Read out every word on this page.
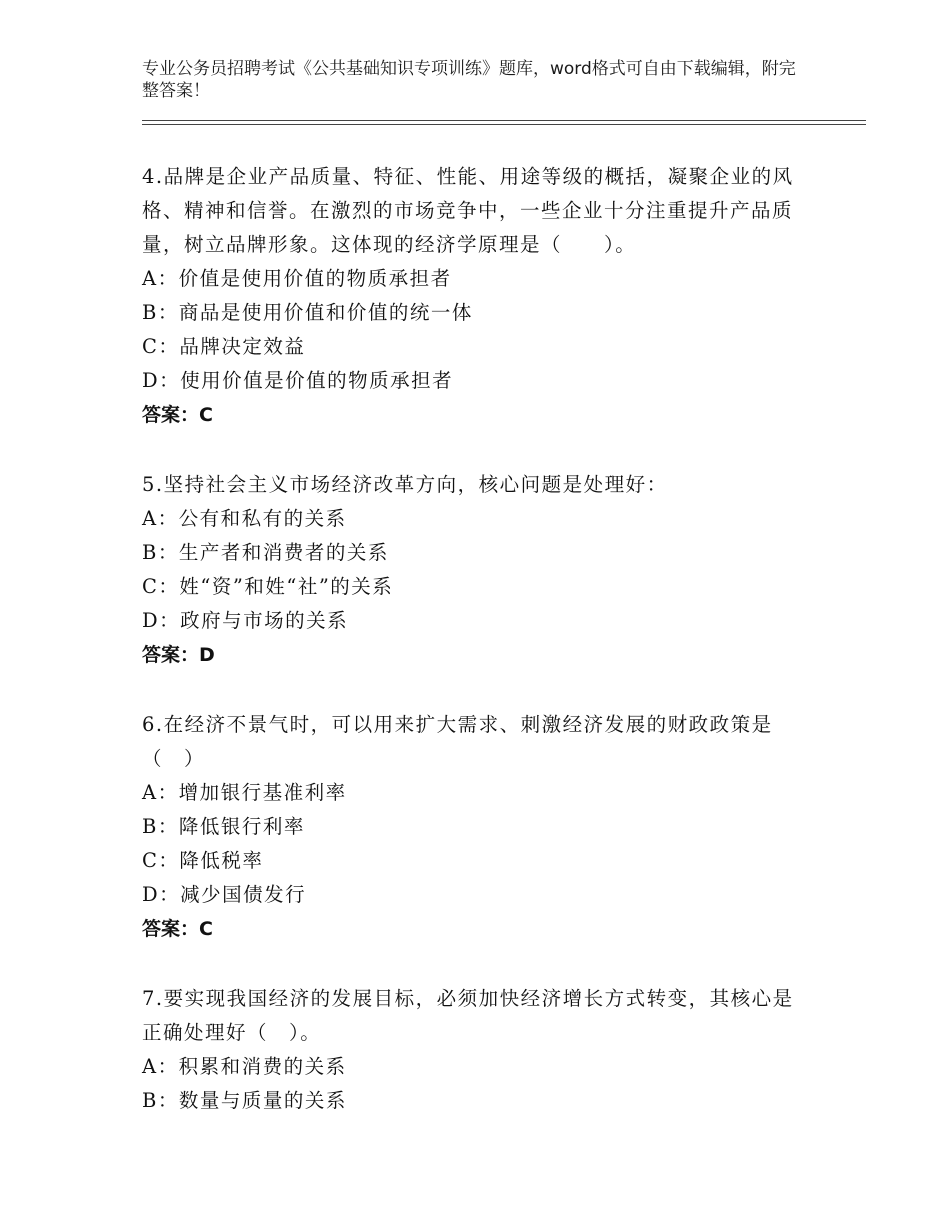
专业公务员招聘考试《公共基础知识专项训练》题库，word格式可自由下载编辑，附完整答案！
4.品牌是企业产品质量、特征、性能、用途等级的概括，凝聚企业的风格、精神和信誉。在激烈的市场竞争中，一些企业十分注重提升产品质量，树立品牌形象。这体现的经济学原理是（　　）。
A：价值是使用价值的物质承担者
B：商品是使用价值和价值的统一体
C：品牌决定效益
D：使用价值是价值的物质承担者
答案：C
5.坚持社会主义市场经济改革方向，核心问题是处理好：
A：公有和私有的关系
B：生产者和消费者的关系
C：姓“资”和姓“社”的关系
D：政府与市场的关系
答案：D
6.在经济不景气时，可以用来扩大需求、刺激经济发展的财政政策是（　）
A：增加银行基准利率
B：降低银行利率
C：降低税率
D：减少国债发行
答案：C
7.要实现我国经济的发展目标，必须加快经济增长方式转变，其核心是正确处理好（　）。
A：积累和消费的关系
B：数量与质量的关系
